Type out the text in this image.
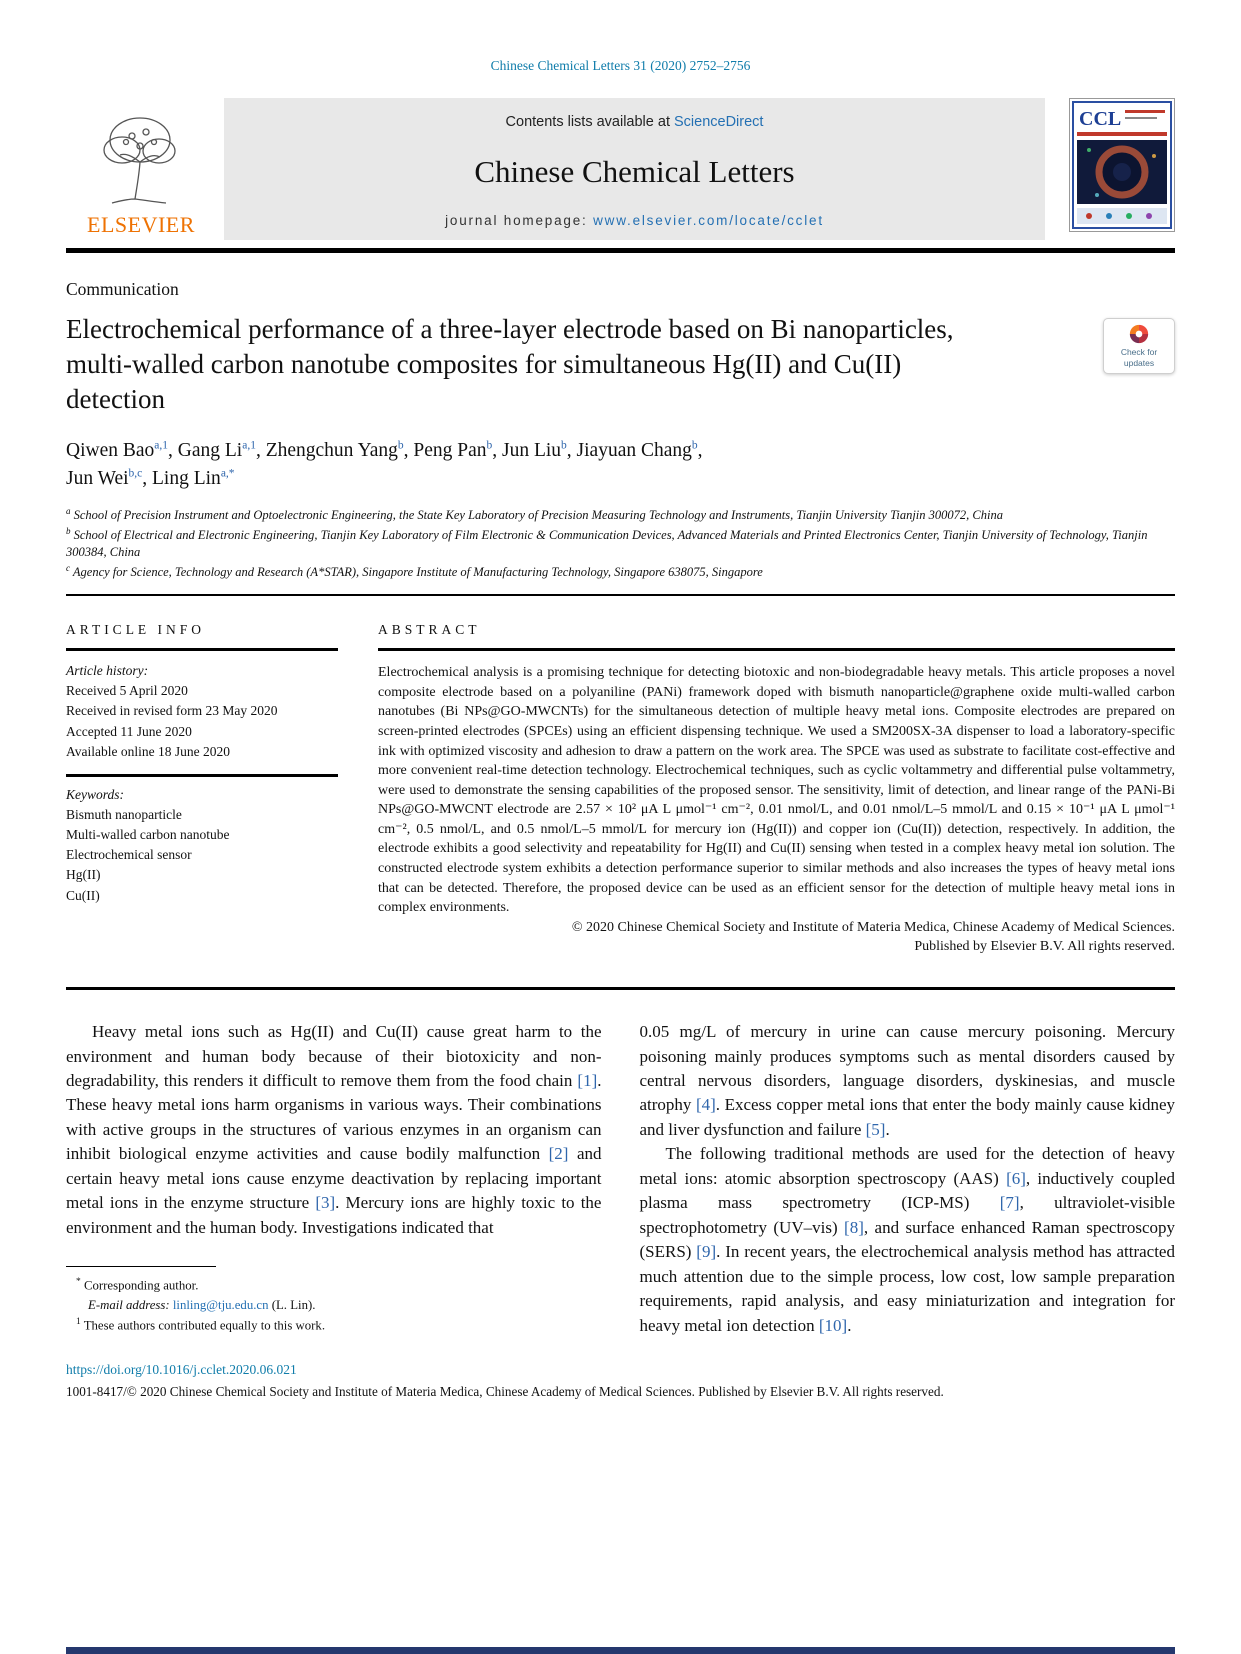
Chinese Chemical Letters 31 (2020) 2752–2756
ELSEVIER
Contents lists available at ScienceDirect
Chinese Chemical Letters
journal homepage: www.elsevier.com/locate/cclet
CCL
Communication
Electrochemical performance of a three-layer electrode based on Bi nanoparticles, multi-walled carbon nanotube composites for simultaneous Hg(II) and Cu(II) detection
Check for
updates
Qiwen Bao$^{a,1}$, Gang Li$^{a,1}$, Zhengchun Yang$^b$, Peng Pan$^b$, Jun Liu$^b$, Jiayuan Chang$^b$,
Jun Wei$^{b,c}$, Ling Lin$^{a,*}$
$^a$ School of Precision Instrument and Optoelectronic Engineering, the State Key Laboratory of Precision Measuring Technology and Instruments, Tianjin University Tianjin 300072, China
$^b$ School of Electrical and Electronic Engineering, Tianjin Key Laboratory of Film Electronic & Communication Devices, Advanced Materials and Printed Electronics Center, Tianjin University of Technology, Tianjin 300384, China
$^c$ Agency for Science, Technology and Research (A*STAR), Singapore Institute of Manufacturing Technology, Singapore 638075, Singapore
ARTICLE INFO
Article history:
Received 5 April 2020
Received in revised form 23 May 2020
Accepted 11 June 2020
Available online 18 June 2020
Keywords:
Bismuth nanoparticle
Multi-walled carbon nanotube
Electrochemical sensor
Hg(II)
Cu(II)
ABSTRACT
Electrochemical analysis is a promising technique for detecting biotoxic and non-biodegradable heavy metals. This article proposes a novel composite electrode based on a polyaniline (PANi) framework doped with bismuth nanoparticle@graphene oxide multi-walled carbon nanotubes (Bi NPs@GO-MWCNTs) for the simultaneous detection of multiple heavy metal ions. Composite electrodes are prepared on screen-printed electrodes (SPCEs) using an efficient dispensing technique. We used a SM200SX-3A dispenser to load a laboratory-specific ink with optimized viscosity and adhesion to draw a pattern on the work area. The SPCE was used as substrate to facilitate cost-effective and more convenient real-time detection technology. Electrochemical techniques, such as cyclic voltammetry and differential pulse voltammetry, were used to demonstrate the sensing capabilities of the proposed sensor. The sensitivity, limit of detection, and linear range of the PANi-Bi NPs@GO-MWCNT electrode are 2.57 × 10² μA L μmol⁻¹ cm⁻², 0.01 nmol/L, and 0.01 nmol/L–5 mmol/L and 0.15 × 10⁻¹ μA L μmol⁻¹ cm⁻², 0.5 nmol/L, and 0.5 nmol/L–5 mmol/L for mercury ion (Hg(II)) and copper ion (Cu(II)) detection, respectively. In addition, the electrode exhibits a good selectivity and repeatability for Hg(II) and Cu(II) sensing when tested in a complex heavy metal ion solution. The constructed electrode system exhibits a detection performance superior to similar methods and also increases the types of heavy metal ions that can be detected. Therefore, the proposed device can be used as an efficient sensor for the detection of multiple heavy metal ions in complex environments.
© 2020 Chinese Chemical Society and Institute of Materia Medica, Chinese Academy of Medical Sciences.
Published by Elsevier B.V. All rights reserved.

Heavy metal ions such as Hg(II) and Cu(II) cause great harm to the environment and human body because of their biotoxicity and non-degradability, this renders it difficult to remove them from the food chain [1]. These heavy metal ions harm organisms in various ways. Their combinations with active groups in the structures of various enzymes in an organism can inhibit biological enzyme activities and cause bodily malfunction [2] and certain heavy metal ions cause enzyme deactivation by replacing important metal ions in the enzyme structure [3]. Mercury ions are highly toxic to the environment and the human body. Investigations indicated that

* Corresponding author.
E-mail address: linling@tju.edu.cn (L. Lin).
$^1$ These authors contributed equally to this work.

0.05 mg/L of mercury in urine can cause mercury poisoning. Mercury poisoning mainly produces symptoms such as mental disorders caused by central nervous disorders, language disorders, dyskinesias, and muscle atrophy [4]. Excess copper metal ions that enter the body mainly cause kidney and liver dysfunction and failure [5].

The following traditional methods are used for the detection of heavy metal ions: atomic absorption spectroscopy (AAS) [6], inductively coupled plasma mass spectrometry (ICP-MS) [7], ultraviolet-visible spectrophotometry (UV–vis) [8], and surface enhanced Raman spectroscopy (SERS) [9]. In recent years, the electrochemical analysis method has attracted much attention due to the simple process, low cost, low sample preparation requirements, rapid analysis, and easy miniaturization and integration for heavy metal ion detection [10].

https://doi.org/10.1016/j.cclet.2020.06.021
1001-8417/© 2020 Chinese Chemical Society and Institute of Materia Medica, Chinese Academy of Medical Sciences. Published by Elsevier B.V. All rights reserved.
